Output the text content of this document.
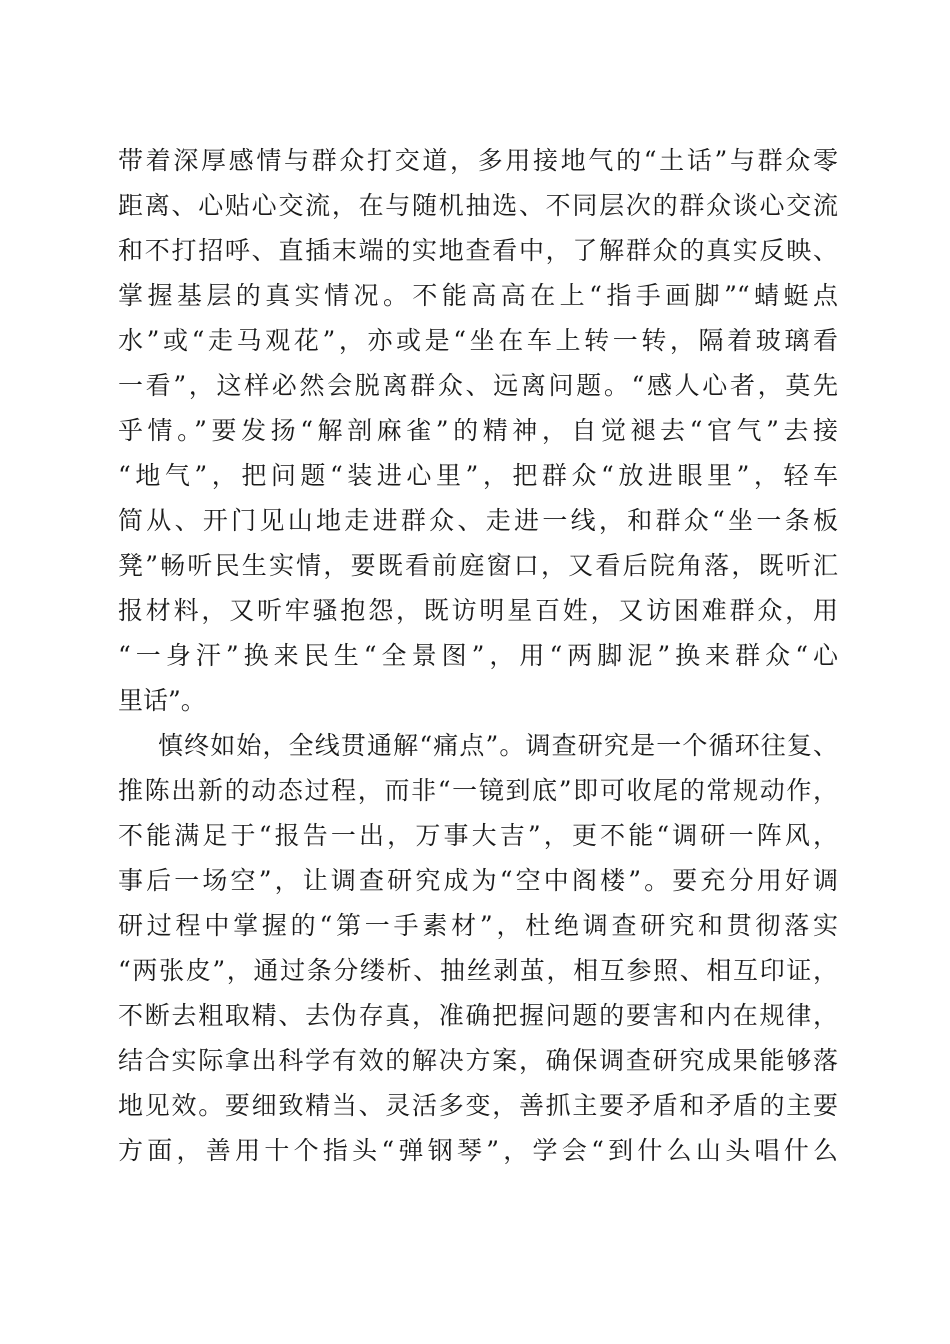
带着深厚感情与群众打交道，多用接地气的“土话”与群众零
距离、心贴心交流，在与随机抽选、不同层次的群众谈心交流
和不打招呼、直插末端的实地查看中，了解群众的真实反映、
掌握基层的真实情况。不能高高在上“指手画脚”“蜻蜓点
水”或“走马观花”，亦或是“坐在车上转一转，隔着玻璃看
一看”，这样必然会脱离群众、远离问题。“感人心者，莫先
乎情。”要发扬“解剖麻雀”的精神，自觉褪去“官气”去接
“地气”，把问题“装进心里”，把群众“放进眼里”，轻车
简从、开门见山地走进群众、走进一线，和群众“坐一条板
凳”畅听民生实情，要既看前庭窗口，又看后院角落，既听汇
报材料，又听牢骚抱怨，既访明星百姓，又访困难群众，用
“一身汗”换来民生“全景图”，用“两脚泥”换来群众“心
里话”。
慎终如始，全线贯通解“痛点”。调查研究是一个循环往复、
推陈出新的动态过程，而非“一镜到底”即可收尾的常规动作，
不能满足于“报告一出，万事大吉”，更不能“调研一阵风，
事后一场空”，让调查研究成为“空中阁楼”。要充分用好调
研过程中掌握的“第一手素材”，杜绝调查研究和贯彻落实
“两张皮”，通过条分缕析、抽丝剥茧，相互参照、相互印证，
不断去粗取精、去伪存真，准确把握问题的要害和内在规律，
结合实际拿出科学有效的解决方案，确保调查研究成果能够落
地见效。要细致精当、灵活多变，善抓主要矛盾和矛盾的主要
方面，善用十个指头“弹钢琴”，学会“到什么山头唱什么
